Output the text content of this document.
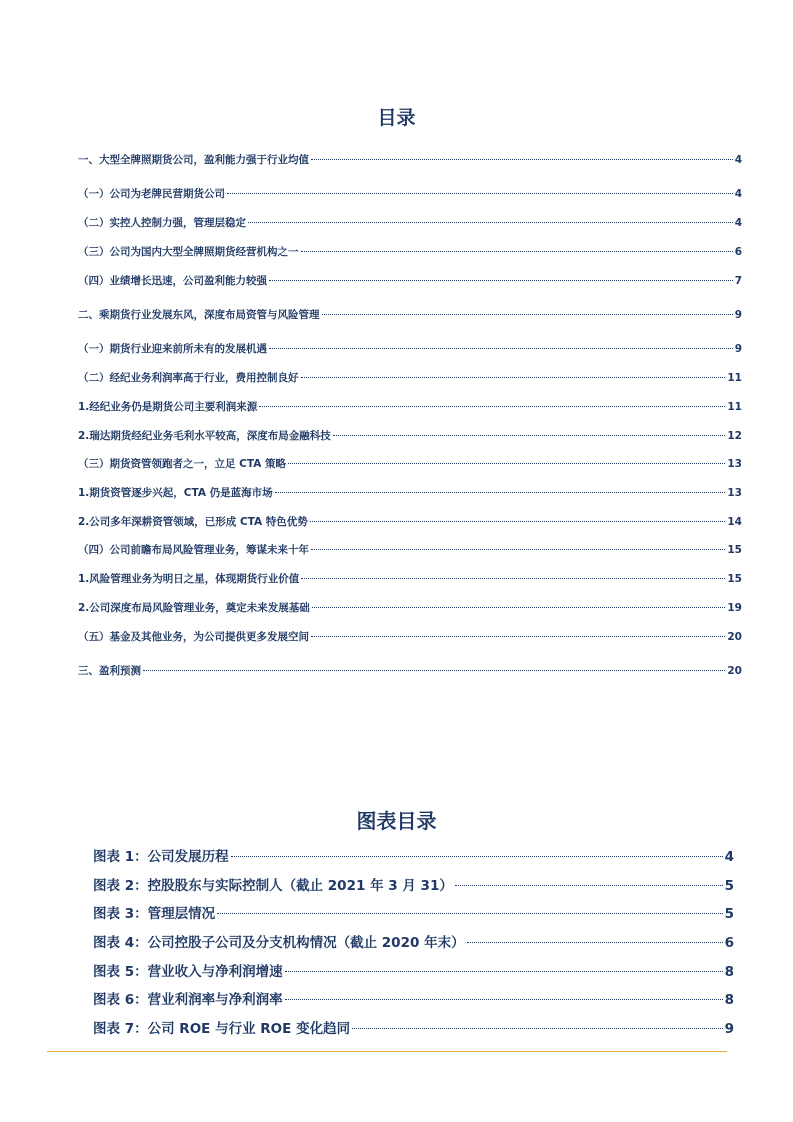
目录
一、大型全牌照期货公司，盈利能力强于行业均值	4
（一）公司为老牌民营期货公司	4
（二）实控人控制力强，管理层稳定	4
（三）公司为国内大型全牌照期货经营机构之一	6
（四）业绩增长迅速，公司盈利能力较强	7
二、乘期货行业发展东风，深度布局资管与风险管理	9
（一）期货行业迎来前所未有的发展机遇	9
（二）经纪业务利润率高于行业，费用控制良好	11
1.经纪业务仍是期货公司主要利润来源	11
2.瑞达期货经纪业务毛利水平较高，深度布局金融科技	12
（三）期货资管领跑者之一，立足 CTA 策略	13
1.期货资管逐步兴起，CTA 仍是蓝海市场	13
2.公司多年深耕资管领域，已形成 CTA 特色优势	14
（四）公司前瞻布局风险管理业务，筹谋未来十年	15
1.风险管理业务为明日之星，体现期货行业价值	15
2.公司深度布局风险管理业务，奠定未来发展基础	19
（五）基金及其他业务，为公司提供更多发展空间	20
三、盈利预测	20
图表目录
图表 1：公司发展历程	4
图表 2：控股股东与实际控制人（截止 2021 年 3 月 31）	5
图表 3：管理层情况	5
图表 4：公司控股子公司及分支机构情况（截止 2020 年末）	6
图表 5：营业收入与净利润增速	8
图表 6：营业利润率与净利润率	8
图表 7：公司 ROE 与行业 ROE 变化趋同	9
